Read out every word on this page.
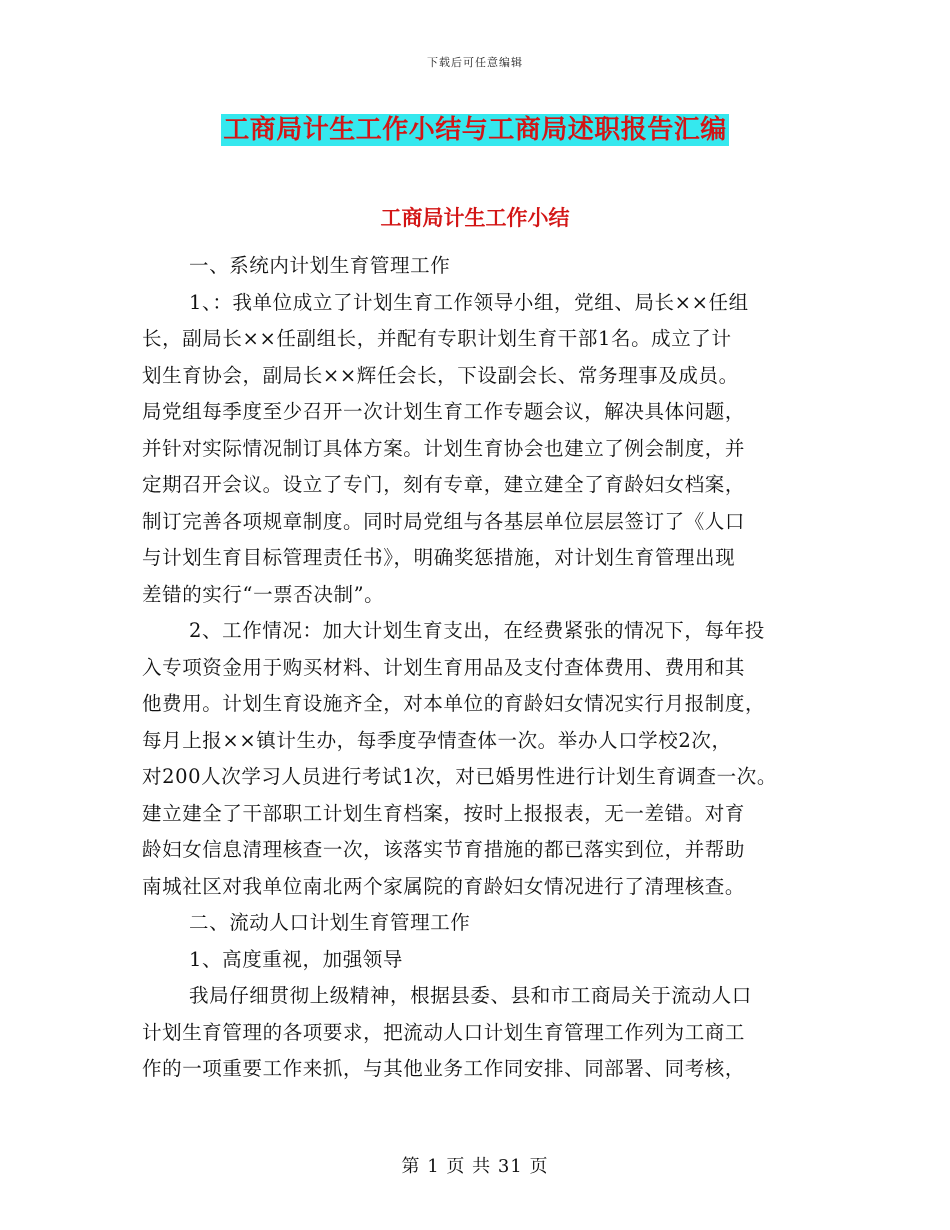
下载后可任意编辑
工商局计生工作小结与工商局述职报告汇编
工商局计生工作小结
一、系统内计划生育管理工作
1、：我单位成立了计划生育工作领导小组，党组、局长××任组
长，副局长××任副组长，并配有专职计划生育干部1名。成立了计
划生育协会，副局长××辉任会长，下设副会长、常务理事及成员。
局党组每季度至少召开一次计划生育工作专题会议，解决具体问题，
并针对实际情况制订具体方案。计划生育协会也建立了例会制度，并
定期召开会议。设立了专门，刻有专章，建立建全了育龄妇女档案，
制订完善各项规章制度。同时局党组与各基层单位层层签订了《人口
与计划生育目标管理责任书》，明确奖惩措施，对计划生育管理出现
差错的实行“一票否决制”。
2、工作情况：加大计划生育支出，在经费紧张的情况下，每年投
入专项资金用于购买材料、计划生育用品及支付查体费用、费用和其
他费用。计划生育设施齐全，对本单位的育龄妇女情况实行月报制度，
每月上报××镇计生办，每季度孕情查体一次。举办人口学校2次，
对200人次学习人员进行考试1次，对已婚男性进行计划生育调查一次。
建立建全了干部职工计划生育档案，按时上报报表，无一差错。对育
龄妇女信息清理核查一次，该落实节育措施的都已落实到位，并帮助
南城社区对我单位南北两个家属院的育龄妇女情况进行了清理核查。
二、流动人口计划生育管理工作
1、高度重视，加强领导
我局仔细贯彻上级精神，根据县委、县和市工商局关于流动人口
计划生育管理的各项要求，把流动人口计划生育管理工作列为工商工
作的一项重要工作来抓，与其他业务工作同安排、同部署、同考核，
第 1 页 共 31 页
